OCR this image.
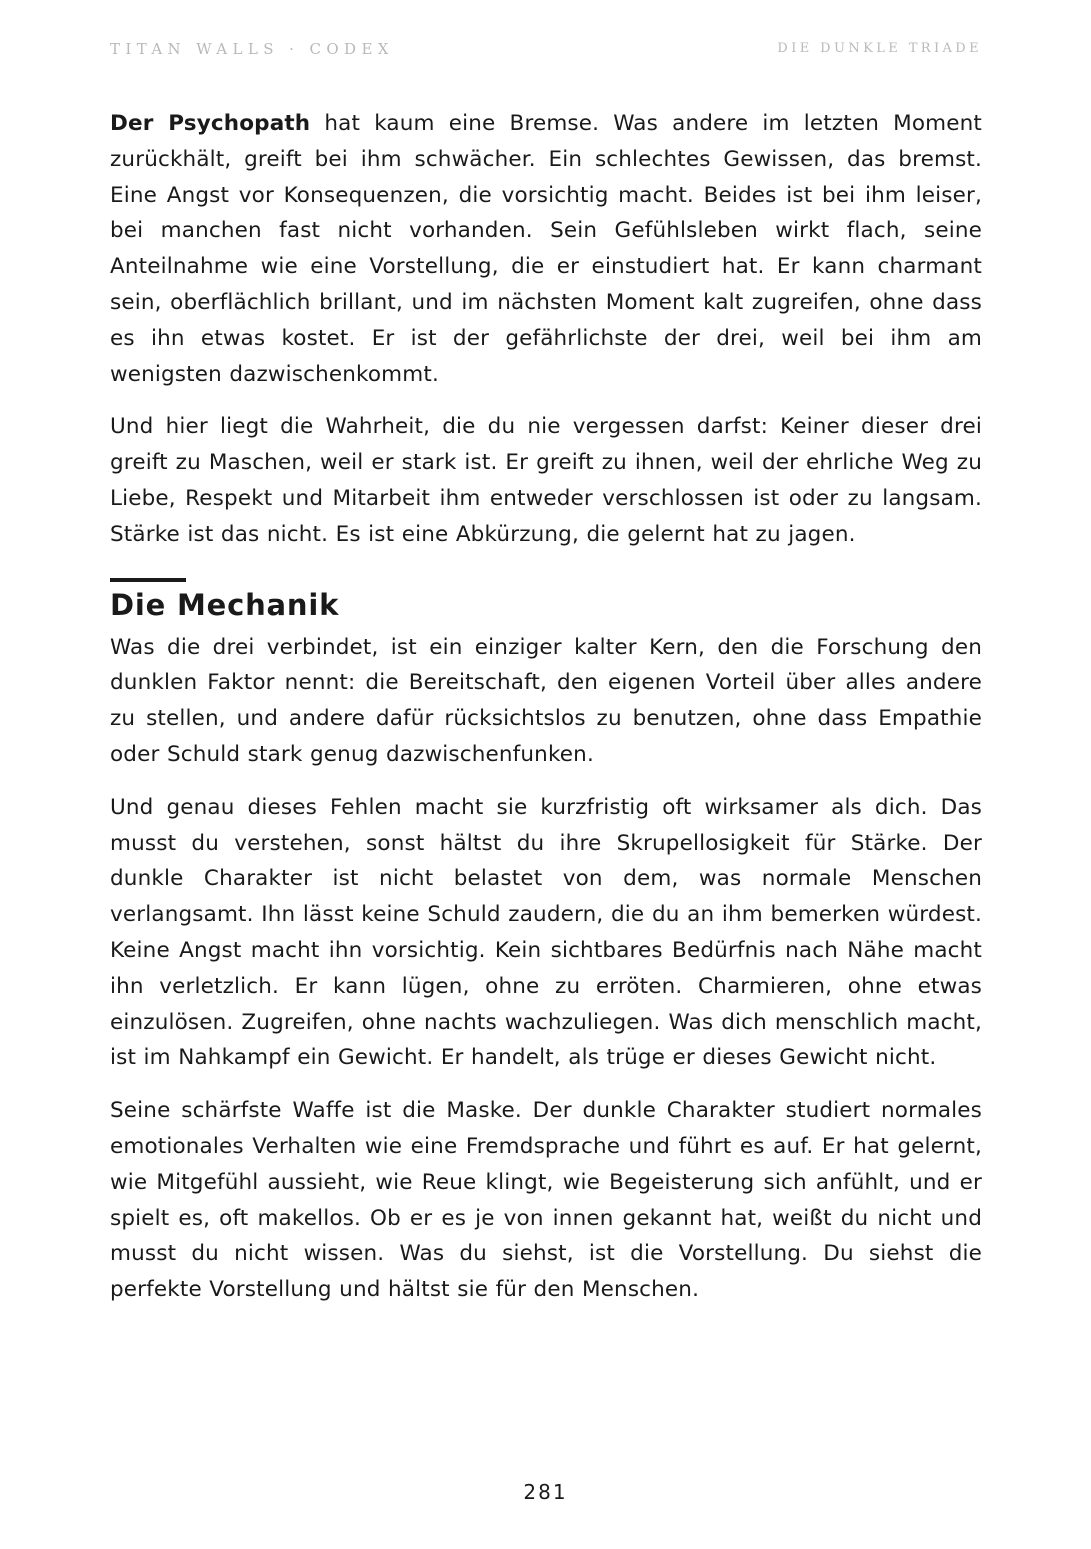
TITAN WALLS · CODEX	DIE DUNKLE TRIADE

Der Psychopath hat kaum eine Bremse. Was andere im letzten Moment zurückhält, greift bei ihm schwächer. Ein schlechtes Gewissen, das bremst. Eine Angst vor Konsequenzen, die vorsichtig macht. Beides ist bei ihm leiser, bei manchen fast nicht vorhanden. Sein Gefühlsleben wirkt flach, seine Anteilnahme wie eine Vorstellung, die er einstudiert hat. Er kann charmant sein, oberflächlich brillant, und im nächsten Moment kalt zugreifen, ohne dass es ihn etwas kostet. Er ist der gefährlichste der drei, weil bei ihm am wenigsten dazwischenkommt.

Und hier liegt die Wahrheit, die du nie vergessen darfst: Keiner dieser drei greift zu Maschen, weil er stark ist. Er greift zu ihnen, weil der ehrliche Weg zu Liebe, Respekt und Mitarbeit ihm entweder verschlossen ist oder zu langsam. Stärke ist das nicht. Es ist eine Abkürzung, die gelernt hat zu jagen.

Die Mechanik

Was die drei verbindet, ist ein einziger kalter Kern, den die Forschung den dunklen Faktor nennt: die Bereitschaft, den eigenen Vorteil über alles andere zu stellen, und andere dafür rücksichtslos zu benutzen, ohne dass Empathie oder Schuld stark genug dazwischenfunken.

Und genau dieses Fehlen macht sie kurzfristig oft wirksamer als dich. Das musst du verstehen, sonst hältst du ihre Skrupellosigkeit für Stärke. Der dunkle Charakter ist nicht belastet von dem, was normale Menschen verlangsamt. Ihn lässt keine Schuld zaudern, die du an ihm bemerken würdest. Keine Angst macht ihn vorsichtig. Kein sichtbares Bedürfnis nach Nähe macht ihn verletzlich. Er kann lügen, ohne zu erröten. Charmieren, ohne etwas einzulösen. Zugreifen, ohne nachts wachzuliegen. Was dich menschlich macht, ist im Nahkampf ein Gewicht. Er handelt, als trüge er dieses Gewicht nicht.

Seine schärfste Waffe ist die Maske. Der dunkle Charakter studiert normales emotionales Verhalten wie eine Fremdsprache und führt es auf. Er hat gelernt, wie Mitgefühl aussieht, wie Reue klingt, wie Begeisterung sich anfühlt, und er spielt es, oft makellos. Ob er es je von innen gekannt hat, weißt du nicht und musst du nicht wissen. Was du siehst, ist die Vorstellung. Du siehst die perfekte Vorstellung und hältst sie für den Menschen.

281
